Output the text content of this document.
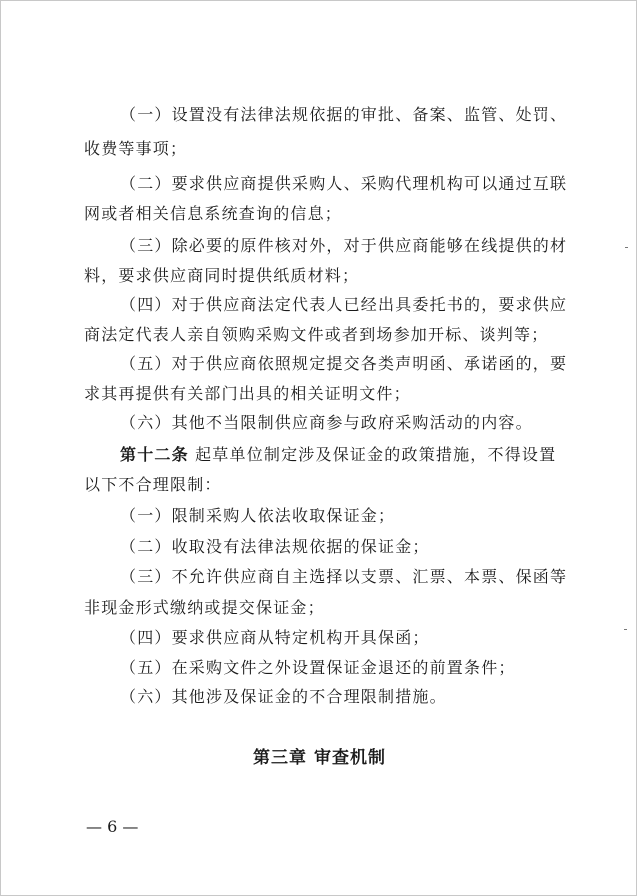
（一）设置没有法律法规依据的审批、备案、监管、处罚、
收费等事项；
（二）要求供应商提供采购人、采购代理机构可以通过互联
网或者相关信息系统查询的信息；
（三）除必要的原件核对外，对于供应商能够在线提供的材
料，要求供应商同时提供纸质材料；
（四）对于供应商法定代表人已经出具委托书的，要求供应
商法定代表人亲自领购采购文件或者到场参加开标、谈判等；
（五）对于供应商依照规定提交各类声明函、承诺函的，要
求其再提供有关部门出具的相关证明文件；
（六）其他不当限制供应商参与政府采购活动的内容。
第十二条 起草单位制定涉及保证金的政策措施，不得设置
以下不合理限制：
（一）限制采购人依法收取保证金；
（二）收取没有法律法规依据的保证金；
（三）不允许供应商自主选择以支票、汇票、本票、保函等
非现金形式缴纳或提交保证金；
（四）要求供应商从特定机构开具保函；
（五）在采购文件之外设置保证金退还的前置条件；
（六）其他涉及保证金的不合理限制措施。
第三章 审查机制
— 6 —
